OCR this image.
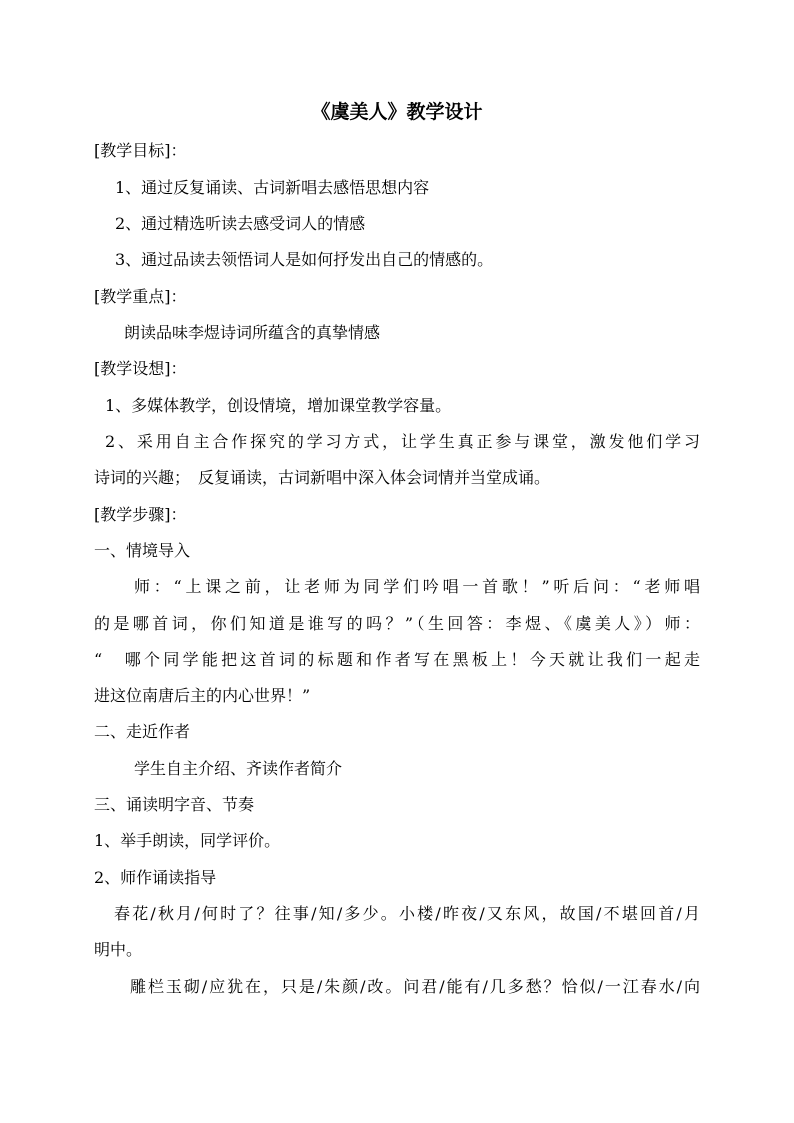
《虞美人》教学设计
[教学目标]：
1、通过反复诵读、古词新唱去感悟思想内容
2、通过精选听读去感受词人的情感
3、通过品读去领悟词人是如何抒发出自己的情感的。
[教学重点]：
朗读品味李煜诗词所蕴含的真挚情感
[教学设想]：
1、多媒体教学，创设情境，增加课堂教学容量。
2、采用自主合作探究的学习方式，让学生真正参与课堂，激发他们学习
诗词的兴趣；　反复诵读，古词新唱中深入体会词情并当堂成诵。
[教学步骤]：
一、情境导入
师：“上课之前，让老师为同学们吟唱一首歌！”听后问：“老师唱
的是哪首词，你们知道是谁写的吗？”（生回答：李煜、《虞美人》）师：
“　哪个同学能把这首词的标题和作者写在黑板上！今天就让我们一起走
进这位南唐后主的内心世界！”
二、走近作者
学生自主介绍、齐读作者简介
三、诵读明字音、节奏
1、举手朗读，同学评价。
2、师作诵读指导
春花/秋月/何时了？往事/知/多少。小楼/昨夜/又东风，故国/不堪回首/月
明中。
雕栏玉砌/应犹在，只是/朱颜/改。问君/能有/几多愁？恰似/一江春水/向
